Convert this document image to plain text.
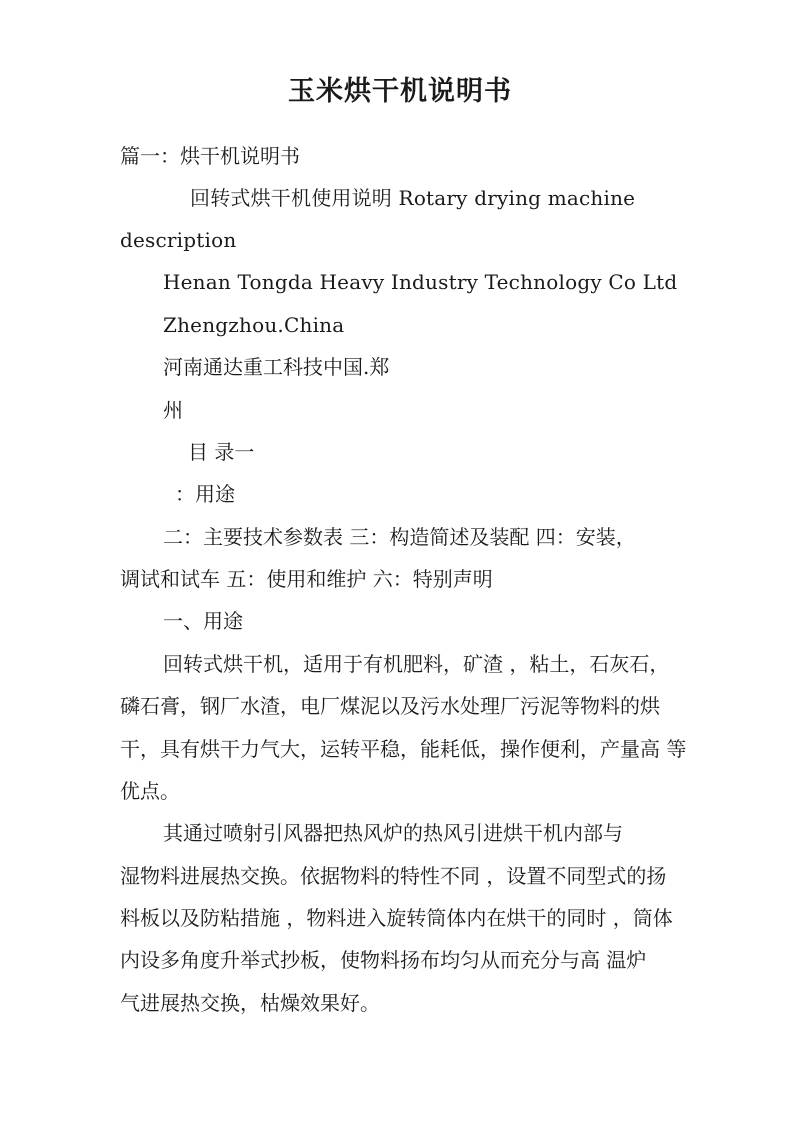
玉米烘干机说明书
篇一：烘干机说明书
回转式烘干机使用说明 Rotary drying machine
description
Henan Tongda Heavy Industry Technology Co Ltd
Zhengzhou.China
河南通达重工科技中国.郑
州
目 录一
：用途
二：主要技术参数表 三：构造简述及装配 四：安装，
调试和试车 五：使用和维护 六：特别声明
一、用途
回转式烘干机，适用于有机肥料，矿渣 ，粘土，石灰石，
磷石膏，钢厂水渣，电厂煤泥以及污水处理厂污泥等物料的烘
干，具有烘干力气大，运转平稳，能耗低，操作便利，产量高 等
优点。
其通过喷射引风器把热风炉的热风引进烘干机内部与
湿物料进展热交换。依据物料的特性不同 ，设置不同型式的扬
料板以及防粘措施 ，物料进入旋转筒体内在烘干的同时 ，筒体
内设多角度升举式抄板，使物料扬布均匀从而充分与高 温炉
气进展热交换，枯燥效果好。
